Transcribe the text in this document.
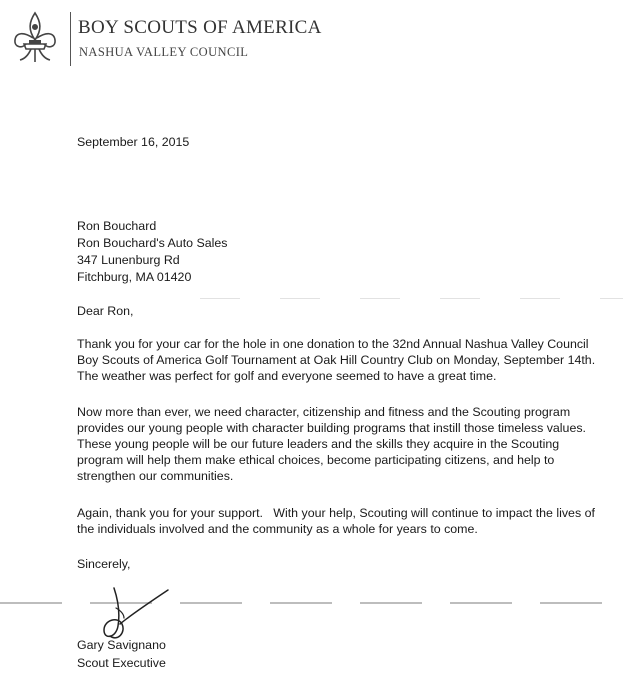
BOY SCOUTS OF AMERICA
NASHUA VALLEY COUNCIL
September 16, 2015
Ron Bouchard
Ron Bouchard's Auto Sales
347 Lunenburg Rd
Fitchburg, MA 01420
Dear Ron,
Thank you for your car for the hole in one donation to the 32nd Annual Nashua Valley Council
Boy Scouts of America Golf Tournament at Oak Hill Country Club on Monday, September 14th.
The weather was perfect for golf and everyone seemed to have a great time.
Now more than ever, we need character, citizenship and fitness and the Scouting program
provides our young people with character building programs that instill those timeless values.
These young people will be our future leaders and the skills they acquire in the Scouting
program will help them make ethical choices, become participating citizens, and help to
strengthen our communities.
Again, thank you for your support.   With your help, Scouting will continue to impact the lives of
the individuals involved and the community as a whole for years to come.
Sincerely,
Gary Savignano
Scout Executive
